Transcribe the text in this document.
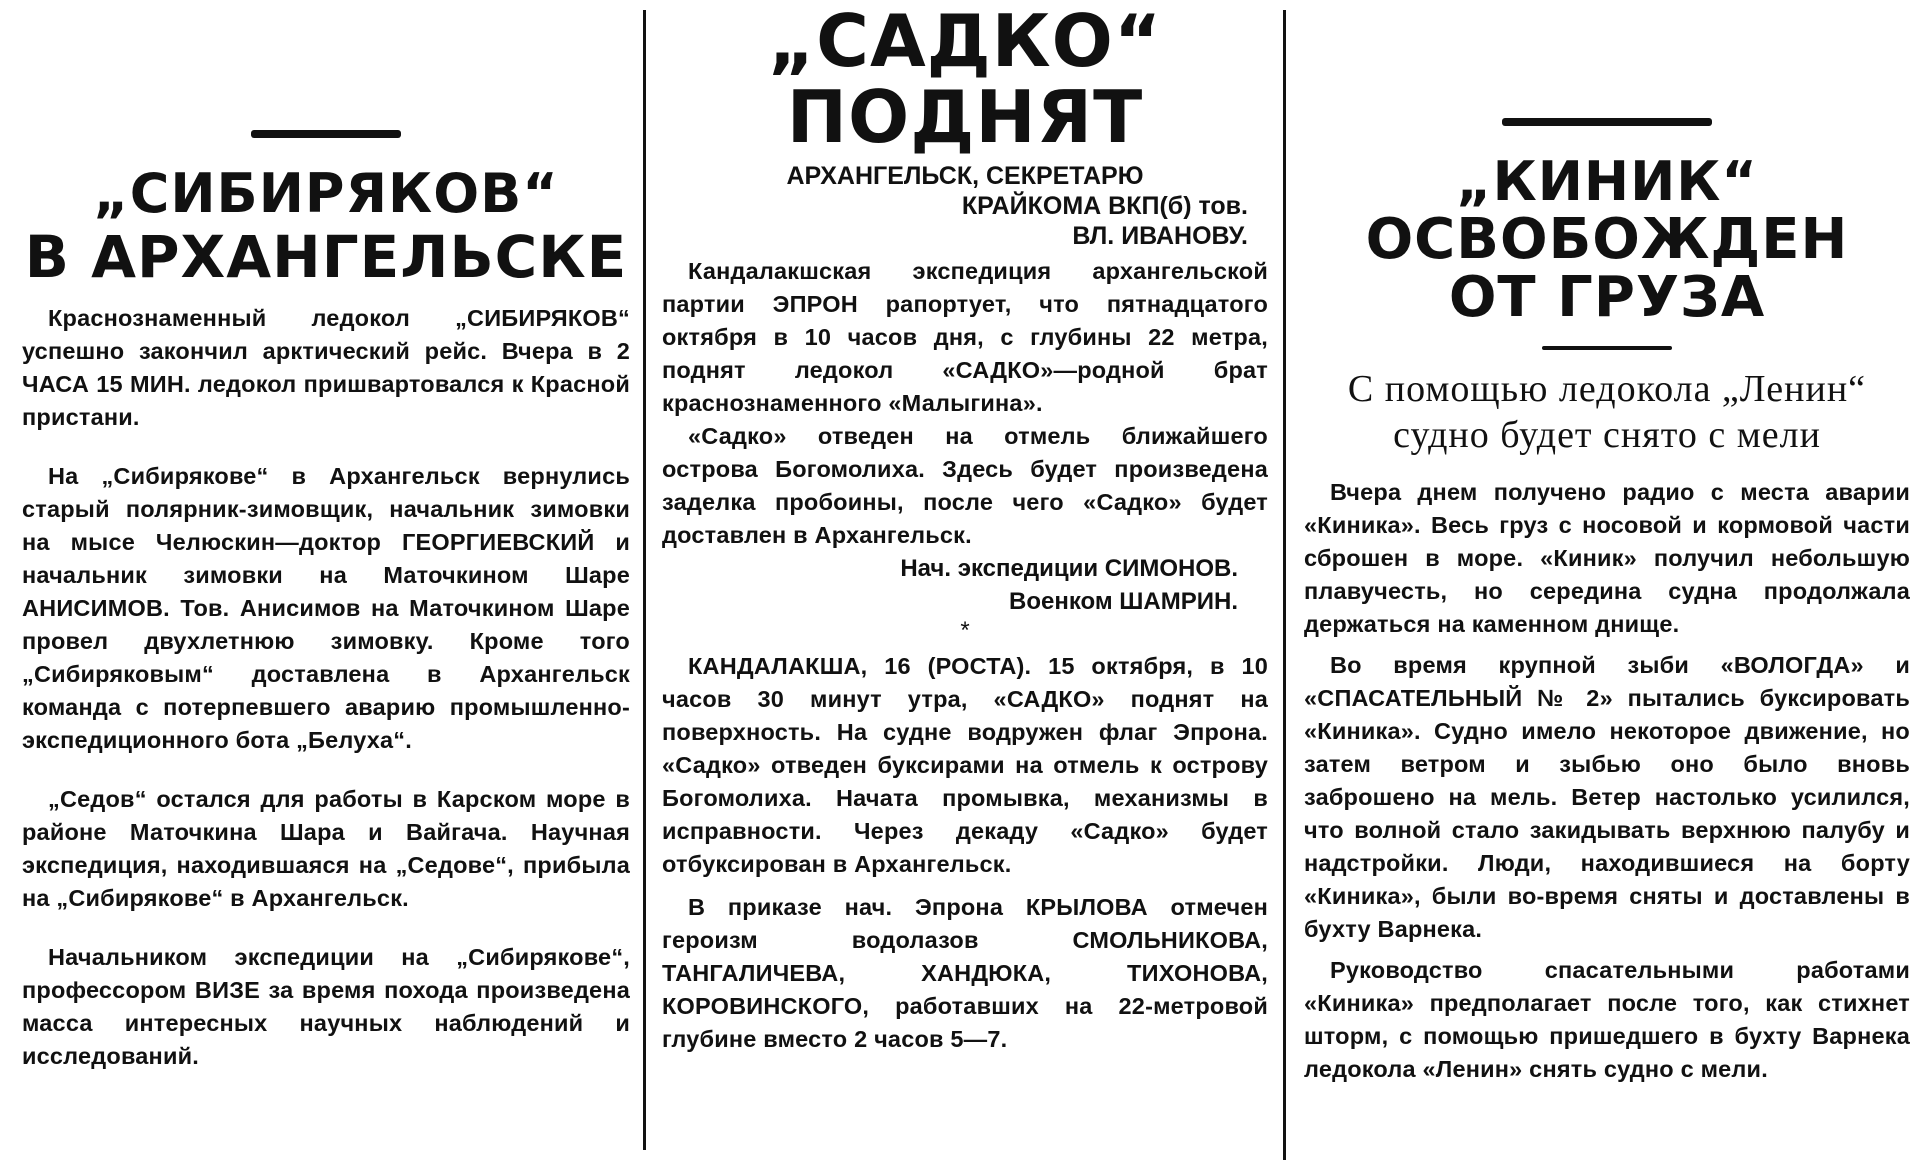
„СИБИРЯКОВ“
В АРХАНГЕЛЬСКЕ

Краснознаменный ледокол „СИБИРЯКОВ“ успешно закончил арктический рейс. Вчера в 2 ЧАСА 15 МИН. ледокол пришвартовался к Красной пристани.

На „Сибирякове“ в Архангельск вернулись старый полярник-зимовщик, начальник зимовки на мысе Челюскин—доктор ГЕОРГИЕВСКИЙ и начальник зимовки на Маточкином Шаре АНИСИМОВ. Тов. Анисимов на Маточкином Шаре провел двухлетнюю зимовку. Кроме того „Сибиряковым“ доставлена в Архангельск команда с потерпевшего аварию промышленно-экспедиционного бота „Белуха“.

„Седов“ остался для работы в Карском море в районе Маточкина Шара и Вайгача. Научная экспедиция, находившаяся на „Седове“, прибыла на „Сибирякове“ в Архангельск.

Начальником экспедиции на „Сибирякове“, профессором ВИЗЕ за время похода произведена масса интересных научных наблюдений и исследований.

„САДКО“
ПОДНЯТ
АРХАНГЕЛЬСК, СЕКРЕТАРЮ
КРАЙКОМА ВКП(б) тов.
ВЛ. ИВАНОВУ.

Кандалакшская экспедиция архангельской партии ЭПРОН рапортует, что пятнадцатого октября в 10 часов дня, с глубины 22 метра, поднят ледокол «САДКО»—родной брат краснознаменного «Малыгина».

«Садко» отведен на отмель ближайшего острова Богомолиха. Здесь будет произведена заделка пробоины, после чего «Садко» будет доставлен в Архангельск.

Нач. экспедиции СИМОНОВ.
Военком ШАМРИН.
*

КАНДАЛАКША, 16 (РОСТА). 15 октября, в 10 часов 30 минут утра, «САДКО» поднят на поверхность. На судне водружен флаг Эпрона. «Садко» отведен буксирами на отмель к острову Богомолиха. Начата промывка, механизмы в исправности. Через декаду «Садко» будет отбуксирован в Архангельск.

В приказе нач. Эпрона КРЫЛОВА отмечен героизм водолазов СМОЛЬНИКОВА, ТАНГАЛИЧЕВА, ХАНДЮКА, ТИХОНОВА, КОРОВИНСКОГО, работавших на 22-метровой глубине вместо 2 часов 5—7.

„КИНИК“
ОСВОБОЖДЕН
ОТ ГРУЗА

С помощью ледокола „Ленин“

судно будет снято с мели

Вчера днем получено радио с места аварии «Киника». Весь груз с носовой и кормовой части сброшен в море. «Киник» получил небольшую плавучесть, но середина судна продолжала держаться на каменном днище.

Во время крупной зыби «ВОЛОГДА» и «СПАСАТЕЛЬНЫЙ № 2» пытались буксировать «Киника». Судно имело некоторое движение, но затем ветром и зыбью оно было вновь заброшено на мель. Ветер настолько усилился, что волной стало закидывать верхнюю палубу и надстройки. Люди, находившиеся на борту «Киника», были во-время сняты и доставлены в бухту Варнека.

Руководство спасательными работами «Киника» предполагает после того, как стихнет шторм, с помощью пришедшего в бухту Варнека ледокола «Ленин» снять судно с мели.
